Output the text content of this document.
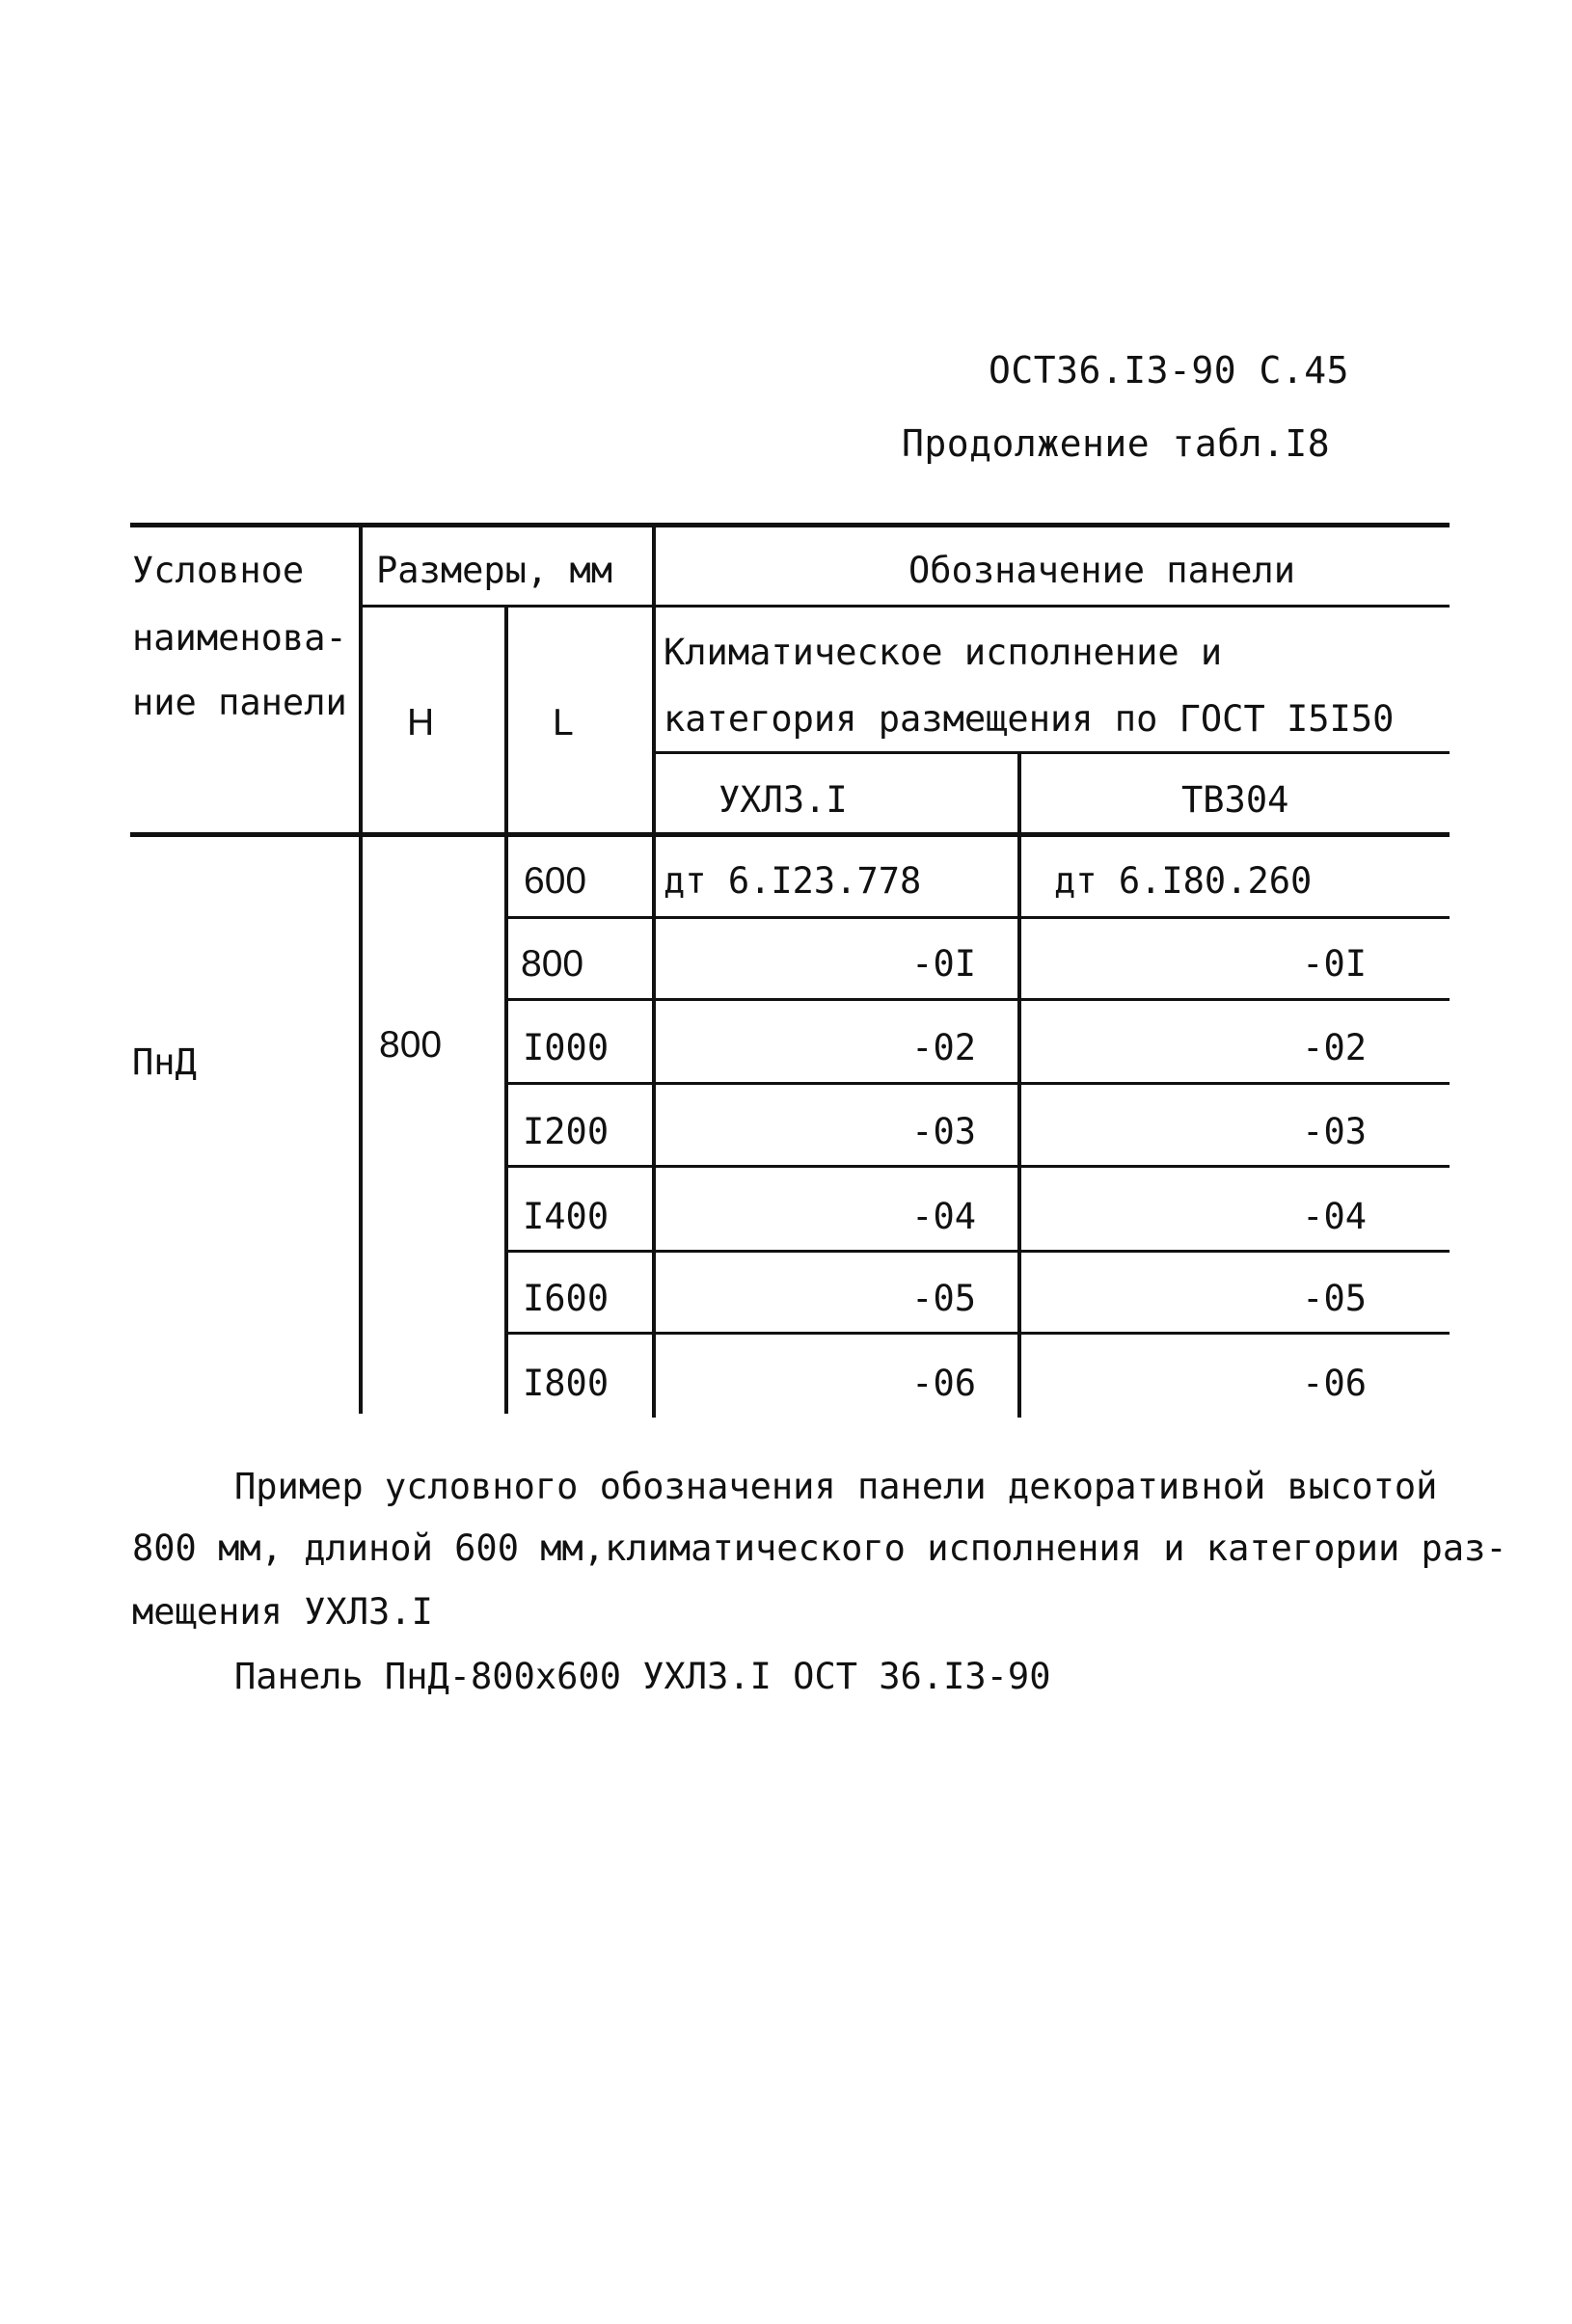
ОСТ36.I3-90 С.45
Продолжение табл.I8
Условное
наименова-
ние панели
Размеры, мм
H	L
Обозначение панели
Климатическое исполнение и
категория размещения по ГОСТ I5I50
УХЛЗ.I	ТВ304
ПнД	800
600 дт 6.I23.778	дт 6.I80.260
800	-0I	-0I
I000	-02	-02
I200	-03	-03
I400	-04	-04
I600	-05	-05
I800	-06	-06
Пример условного обозначения панели декоративной высотой
800 мм, длиной 600 мм,климатического исполнения и категории раз-
мещения УХЛЗ.I
Панель ПнД-800х600 УХЛЗ.I ОСТ 36.I3-90
